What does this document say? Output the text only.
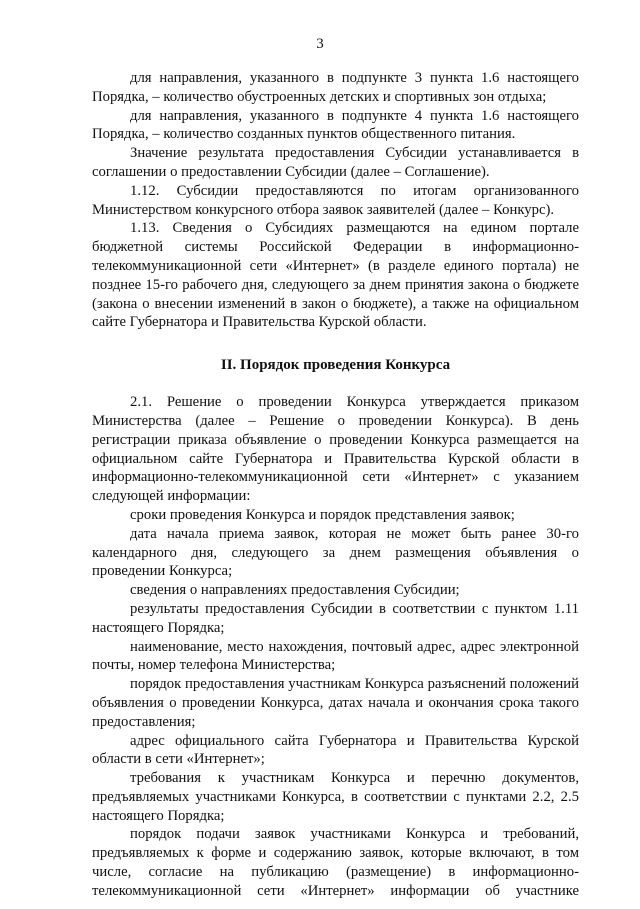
3

для направления, указанного в подпункте 3 пункта 1.6 настоящего Порядка, – количество обустроенных детских и спортивных зон отдыха;

для направления, указанного в подпункте 4 пункта 1.6 настоящего Порядка, – количество созданных пунктов общественного питания.

Значение результата предоставления Субсидии устанавливается в соглашении о предоставлении Субсидии (далее – Соглашение).

1.12. Субсидии предоставляются по итогам организованного Министерством конкурсного отбора заявок заявителей (далее – Конкурс).

1.13. Сведения о Субсидиях размещаются на едином портале бюджетной системы Российской Федерации в информационно-телекоммуникационной сети «Интернет» (в разделе единого портала) не позднее 15-го рабочего дня, следующего за днем принятия закона о бюджете (закона о внесении изменений в закон о бюджете), а также на официальном сайте Губернатора и Правительства Курской области.

II. Порядок проведения Конкурса

2.1. Решение о проведении Конкурса утверждается приказом Министерства (далее – Решение о проведении Конкурса). В день регистрации приказа объявление о проведении Конкурса размещается на официальном сайте Губернатора и Правительства Курской области в информационно-телекоммуникационной сети «Интернет» с указанием следующей информации:

сроки проведения Конкурса и порядок представления заявок;

дата начала приема заявок, которая не может быть ранее 30-го календарного дня, следующего за днем размещения объявления о проведении Конкурса;

сведения о направлениях предоставления Субсидии;

результаты предоставления Субсидии в соответствии с пунктом 1.11 настоящего Порядка;

наименование, место нахождения, почтовый адрес, адрес электронной почты, номер телефона Министерства;

порядок предоставления участникам Конкурса разъяснений положений объявления о проведении Конкурса, датах начала и окончания срока такого предоставления;

адрес официального сайта Губернатора и Правительства Курской области в сети «Интернет»;

требования к участникам Конкурса и перечню документов, предъявляемых участниками Конкурса, в соответствии с пунктами 2.2, 2.5 настоящего Порядка;

порядок подачи заявок участниками Конкурса и требований, предъявляемых к форме и содержанию заявок, которые включают, в том числе, согласие на публикацию (размещение) в информационно-телекоммуникационной сети «Интернет» информации об участнике
